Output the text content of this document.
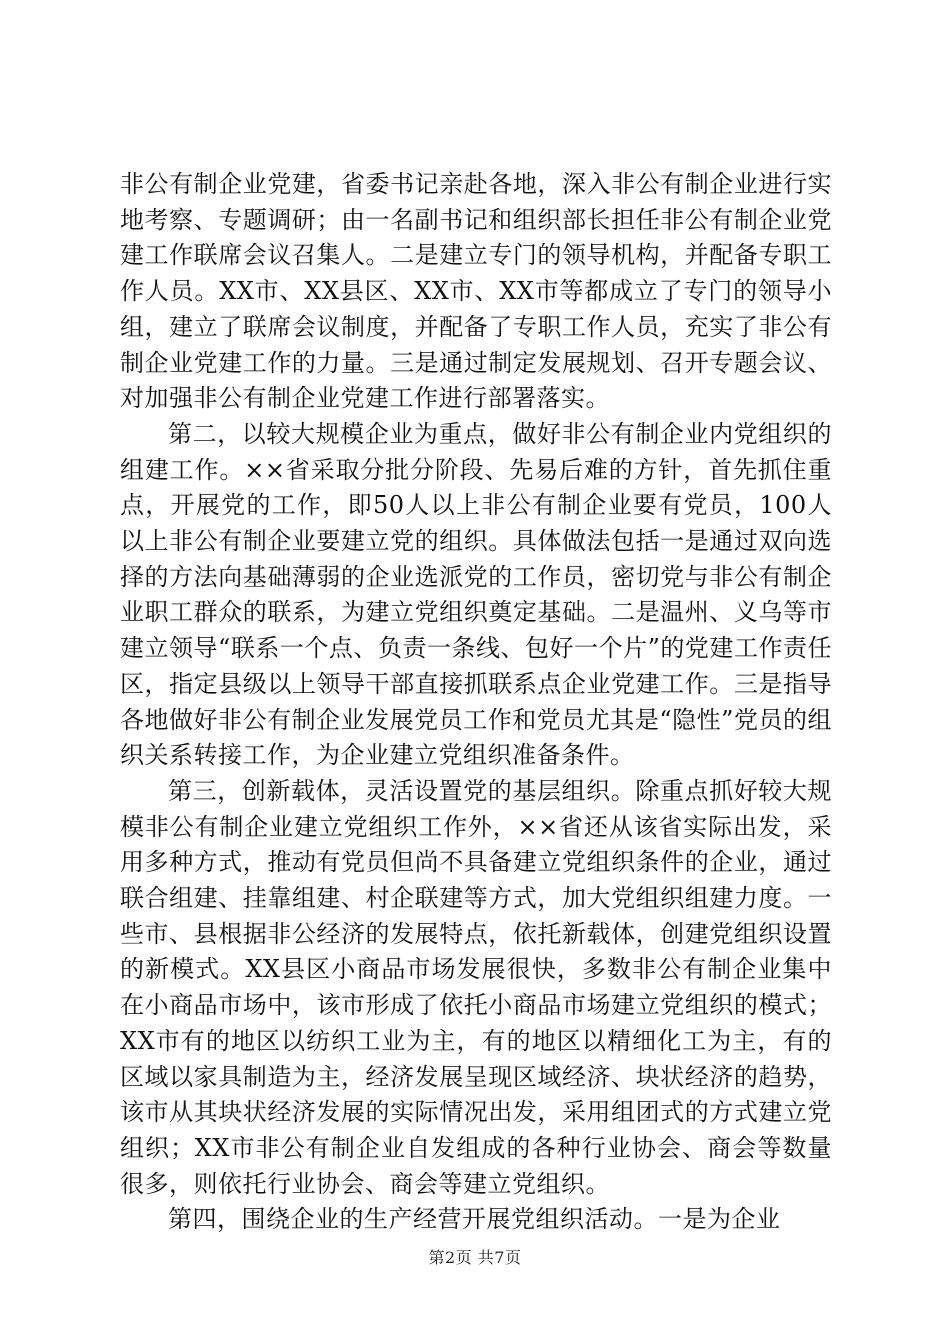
非公有制企业党建，省委书记亲赴各地，深入非公有制企业进行实地考察、专题调研；由一名副书记和组织部长担任非公有制企业党建工作联席会议召集人。二是建立专门的领导机构，并配备专职工作人员。XX市、XX县区、XX市、XX市等都成立了专门的领导小组，建立了联席会议制度，并配备了专职工作人员，充实了非公有制企业党建工作的力量。三是通过制定发展规划、召开专题会议、对加强非公有制企业党建工作进行部署落实。

第二，以较大规模企业为重点，做好非公有制企业内党组织的组建工作。××省采取分批分阶段、先易后难的方针，首先抓住重点，开展党的工作，即50人以上非公有制企业要有党员，100人以上非公有制企业要建立党的组织。具体做法包括一是通过双向选择的方法向基础薄弱的企业选派党的工作员，密切党与非公有制企业职工群众的联系，为建立党组织奠定基础。二是温州、义乌等市建立领导“联系一个点、负责一条线、包好一个片”的党建工作责任区，指定县级以上领导干部直接抓联系点企业党建工作。三是指导各地做好非公有制企业发展党员工作和党员尤其是“隐性”党员的组织关系转接工作，为企业建立党组织准备条件。

第三，创新载体，灵活设置党的基层组织。除重点抓好较大规模非公有制企业建立党组织工作外，××省还从该省实际出发，采用多种方式，推动有党员但尚不具备建立党组织条件的企业，通过联合组建、挂靠组建、村企联建等方式，加大党组织组建力度。一些市、县根据非公经济的发展特点，依托新载体，创建党组织设置的新模式。XX县区小商品市场发展很快，多数非公有制企业集中在小商品市场中，该市形成了依托小商品市场建立党组织的模式；XX市有的地区以纺织工业为主，有的地区以精细化工为主，有的区域以家具制造为主，经济发展呈现区域经济、块状经济的趋势，该市从其块状经济发展的实际情况出发，采用组团式的方式建立党组织；XX市非公有制企业自发组成的各种行业协会、商会等数量很多，则依托行业协会、商会等建立党组织。

第四，围绕企业的生产经营开展党组织活动。一是为企业

第2页 共7页
